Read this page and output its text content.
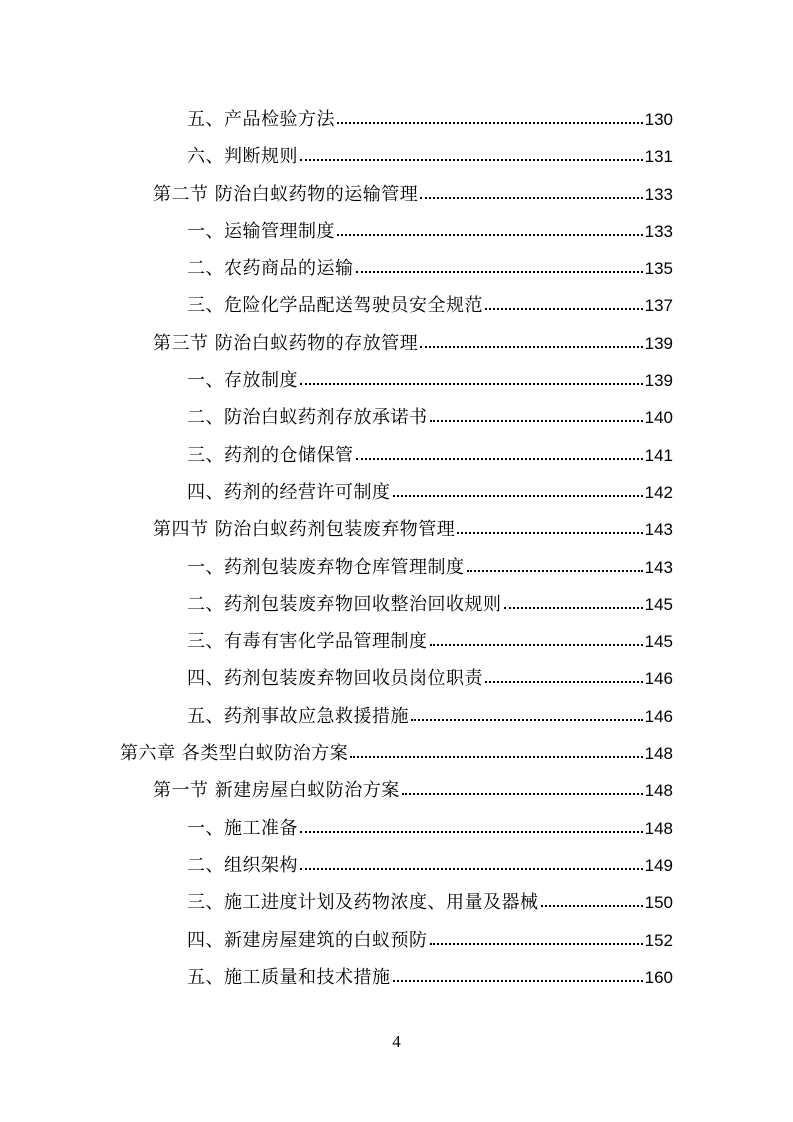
五、产品检验方法	130
六、判断规则	131
第二节 防治白蚁药物的运输管理	133
一、运输管理制度	133
二、农药商品的运输	135
三、危险化学品配送驾驶员安全规范	137
第三节 防治白蚁药物的存放管理	139
一、存放制度	139
二、防治白蚁药剂存放承诺书	140
三、药剂的仓储保管	141
四、药剂的经营许可制度	142
第四节 防治白蚁药剂包装废弃物管理	143
一、药剂包装废弃物仓库管理制度	143
二、药剂包装废弃物回收整治回收规则	145
三、有毒有害化学品管理制度	145
四、药剂包装废弃物回收员岗位职责	146
五、药剂事故应急救援措施	146
第六章 各类型白蚁防治方案	148
第一节 新建房屋白蚁防治方案	148
一、施工准备	148
二、组织架构	149
三、施工进度计划及药物浓度、用量及器械	150
四、新建房屋建筑的白蚁预防	152
五、施工质量和技术措施	160
4
